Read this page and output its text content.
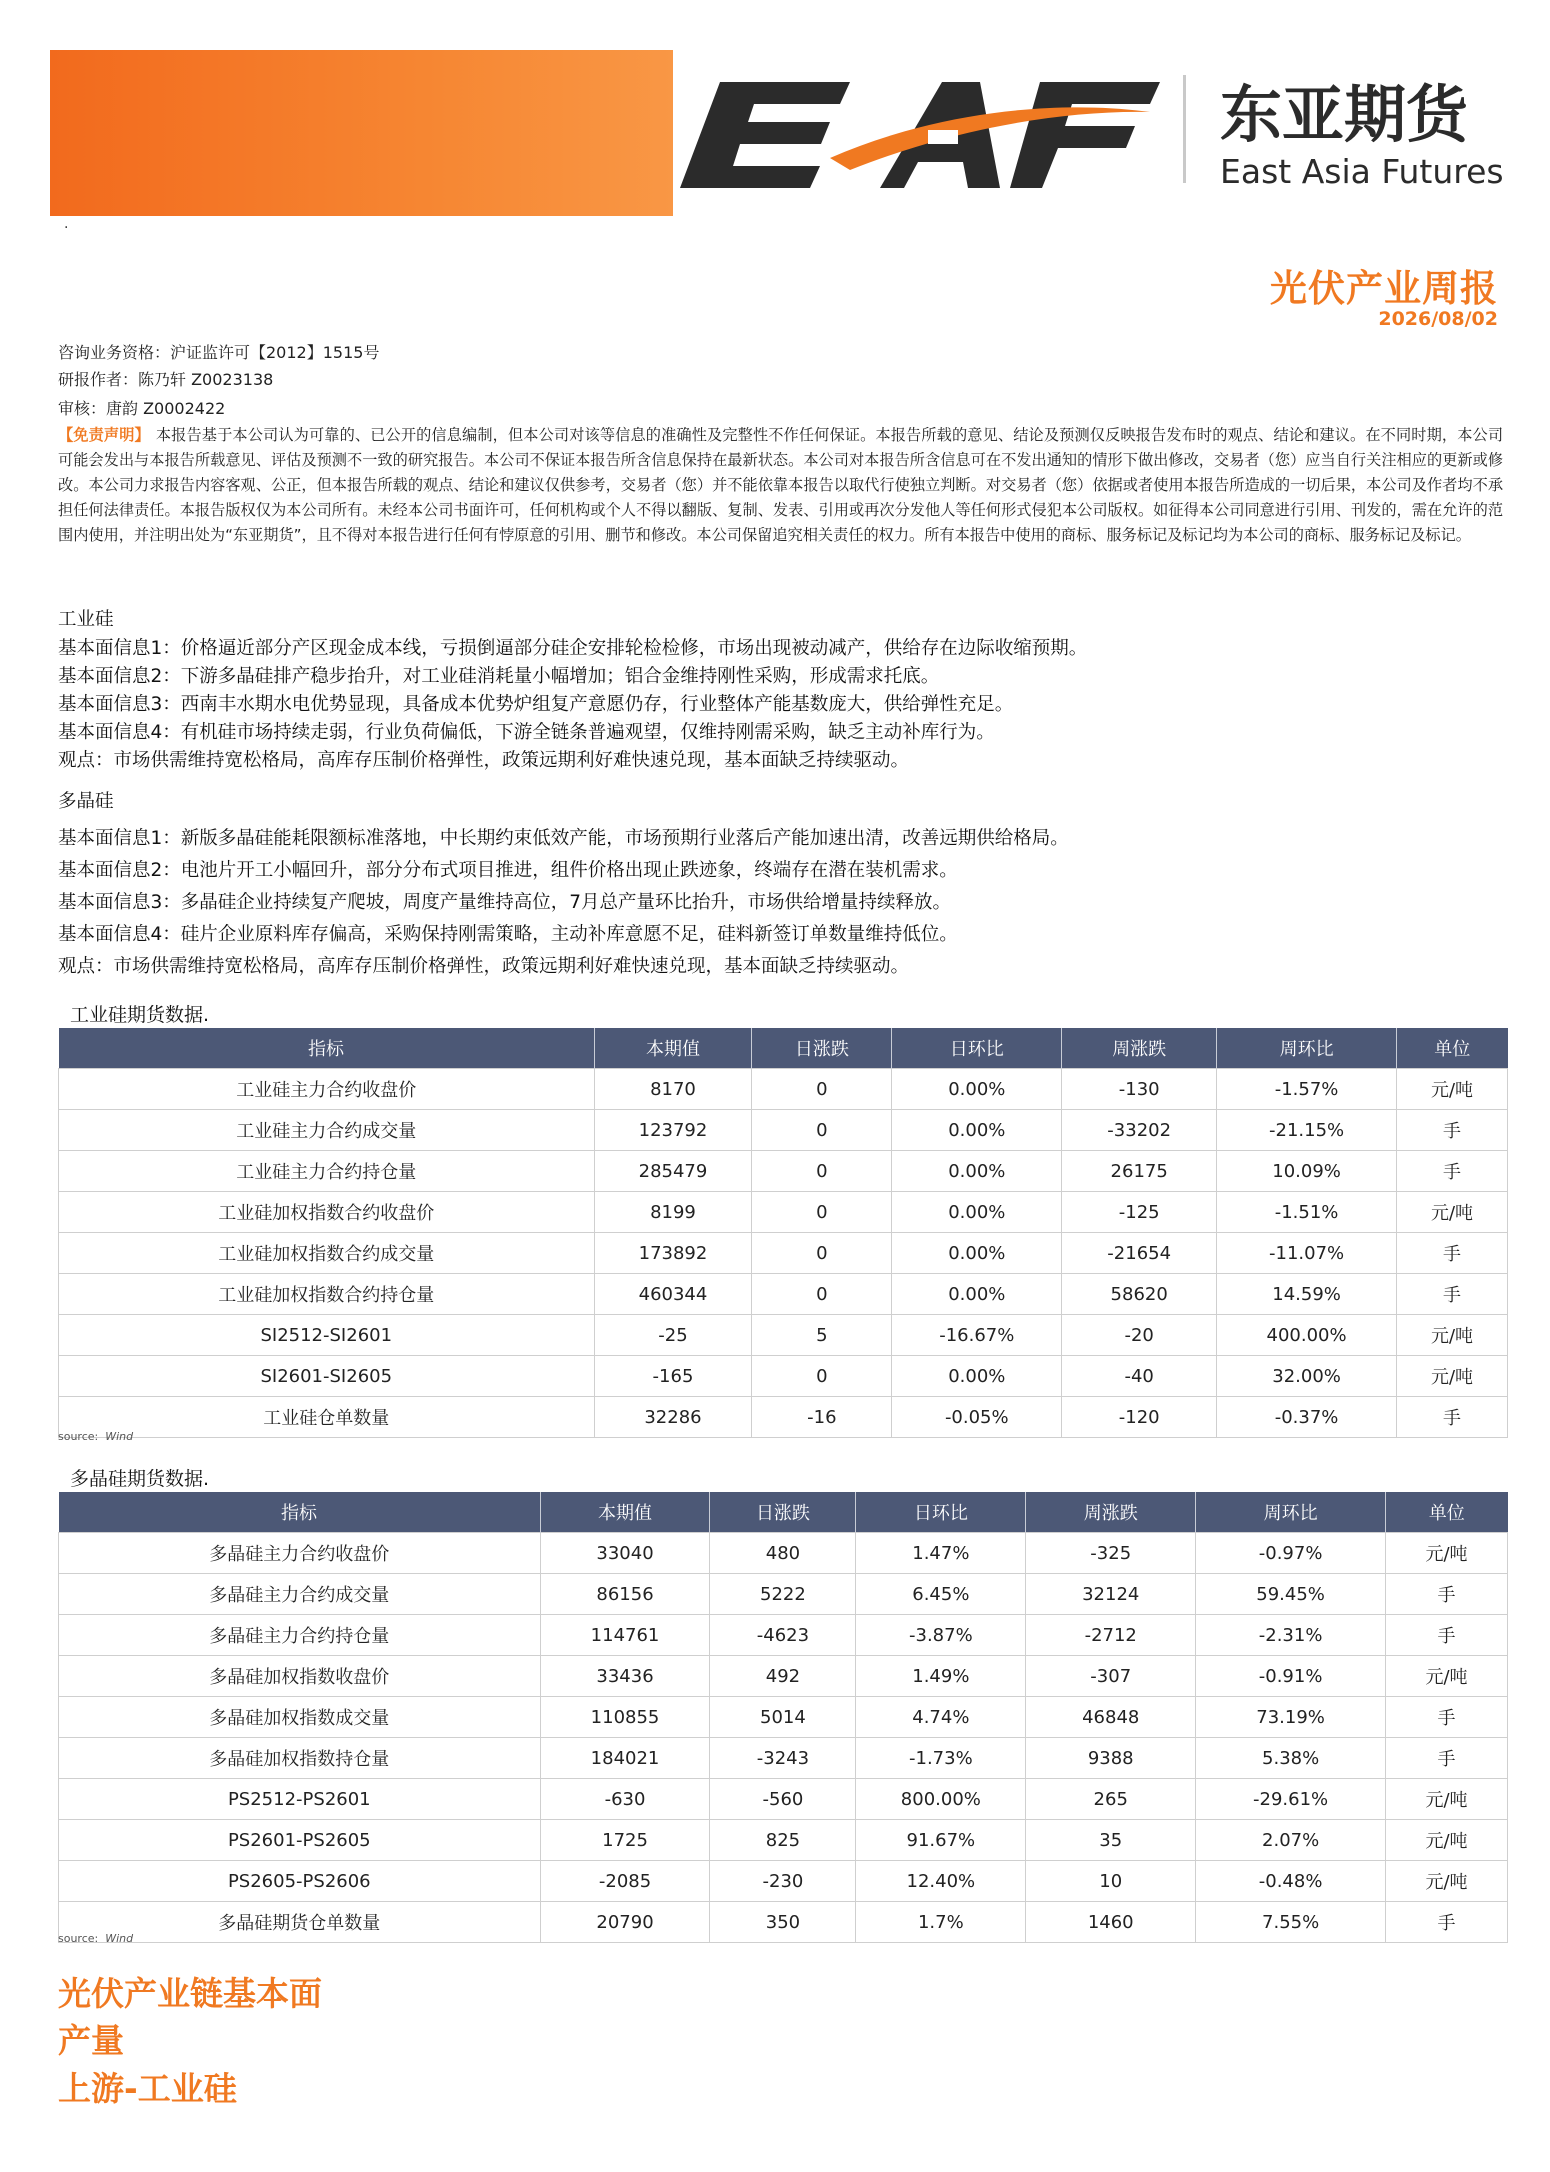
.
东亚期货
East Asia Futures
光伏产业周报
2026/08/02
咨询业务资格：沪证监许可【2012】1515号
研报作者：陈乃轩 Z0023138
审核：唐韵 Z0002422
【免责声明】 本报告基于本公司认为可靠的、已公开的信息编制，但本公司对该等信息的准确性及完整性不作任何保证。本报告所载的意见、结论及预测仅反映报告发布时的观点、结论和建议。在不同时期，本公司可能会发出与本报告所载意见、评估及预测不一致的研究报告。本公司不保证本报告所含信息保持在最新状态。本公司对本报告所含信息可在不发出通知的情形下做出修改，交易者（您）应当自行关注相应的更新或修改。本公司力求报告内容客观、公正，但本报告所载的观点、结论和建议仅供参考，交易者（您）并不能依靠本报告以取代行使独立判断。对交易者（您）依据或者使用本报告所造成的一切后果，本公司及作者均不承担任何法律责任。本报告版权仅为本公司所有。未经本公司书面许可，任何机构或个人不得以翻版、复制、发表、引用或再次分发他人等任何形式侵犯本公司版权。如征得本公司同意进行引用、刊发的，需在允许的范围内使用，并注明出处为“东亚期货”，且不得对本报告进行任何有悖原意的引用、删节和修改。本公司保留追究相关责任的权力。所有本报告中使用的商标、服务标记及标记均为本公司的商标、服务标记及标记。
工业硅
基本面信息1：价格逼近部分产区现金成本线，亏损倒逼部分硅企安排轮检检修，市场出现被动减产，供给存在边际收缩预期。
基本面信息2：下游多晶硅排产稳步抬升，对工业硅消耗量小幅增加；铝合金维持刚性采购，形成需求托底。
基本面信息3：西南丰水期水电优势显现，具备成本优势炉组复产意愿仍存，行业整体产能基数庞大，供给弹性充足。
基本面信息4：有机硅市场持续走弱，行业负荷偏低，下游全链条普遍观望，仅维持刚需采购，缺乏主动补库行为。
观点：市场供需维持宽松格局，高库存压制价格弹性，政策远期利好难快速兑现，基本面缺乏持续驱动。
多晶硅
基本面信息1：新版多晶硅能耗限额标准落地，中长期约束低效产能，市场预期行业落后产能加速出清，改善远期供给格局。
基本面信息2：电池片开工小幅回升，部分分布式项目推进，组件价格出现止跌迹象，终端存在潜在装机需求。
基本面信息3：多晶硅企业持续复产爬坡，周度产量维持高位，7月总产量环比抬升，市场供给增量持续释放。
基本面信息4：硅片企业原料库存偏高，采购保持刚需策略，主动补库意愿不足，硅料新签订单数量维持低位。
观点：市场供需维持宽松格局，高库存压制价格弹性，政策远期利好难快速兑现，基本面缺乏持续驱动。
工业硅期货数据.
指标	本期值	日涨跌	日环比	周涨跌	周环比	单位
工业硅主力合约收盘价	8170	0	0.00%	-130	-1.57%	元/吨
工业硅主力合约成交量	123792	0	0.00%	-33202	-21.15%	手
工业硅主力合约持仓量	285479	0	0.00%	26175	10.09%	手
工业硅加权指数合约收盘价	8199	0	0.00%	-125	-1.51%	元/吨
工业硅加权指数合约成交量	173892	0	0.00%	-21654	-11.07%	手
工业硅加权指数合约持仓量	460344	0	0.00%	58620	14.59%	手
SI2512-SI2601	-25	5	-16.67%	-20	400.00%	元/吨
SI2601-SI2605	-165	0	0.00%	-40	32.00%	元/吨
工业硅仓单数量	32286	-16	-0.05%	-120	-0.37%	手
source: Wind
多晶硅期货数据.
指标	本期值	日涨跌	日环比	周涨跌	周环比	单位
多晶硅主力合约收盘价	33040	480	1.47%	-325	-0.97%	元/吨
多晶硅主力合约成交量	86156	5222	6.45%	32124	59.45%	手
多晶硅主力合约持仓量	114761	-4623	-3.87%	-2712	-2.31%	手
多晶硅加权指数收盘价	33436	492	1.49%	-307	-0.91%	元/吨
多晶硅加权指数成交量	110855	5014	4.74%	46848	73.19%	手
多晶硅加权指数持仓量	184021	-3243	-1.73%	9388	5.38%	手
PS2512-PS2601	-630	-560	800.00%	265	-29.61%	元/吨
PS2601-PS2605	1725	825	91.67%	35	2.07%	元/吨
PS2605-PS2606	-2085	-230	12.40%	10	-0.48%	元/吨
多晶硅期货仓单数量	20790	350	1.7%	1460	7.55%	手
source: Wind
光伏产业链基本面
产量
上游-工业硅
